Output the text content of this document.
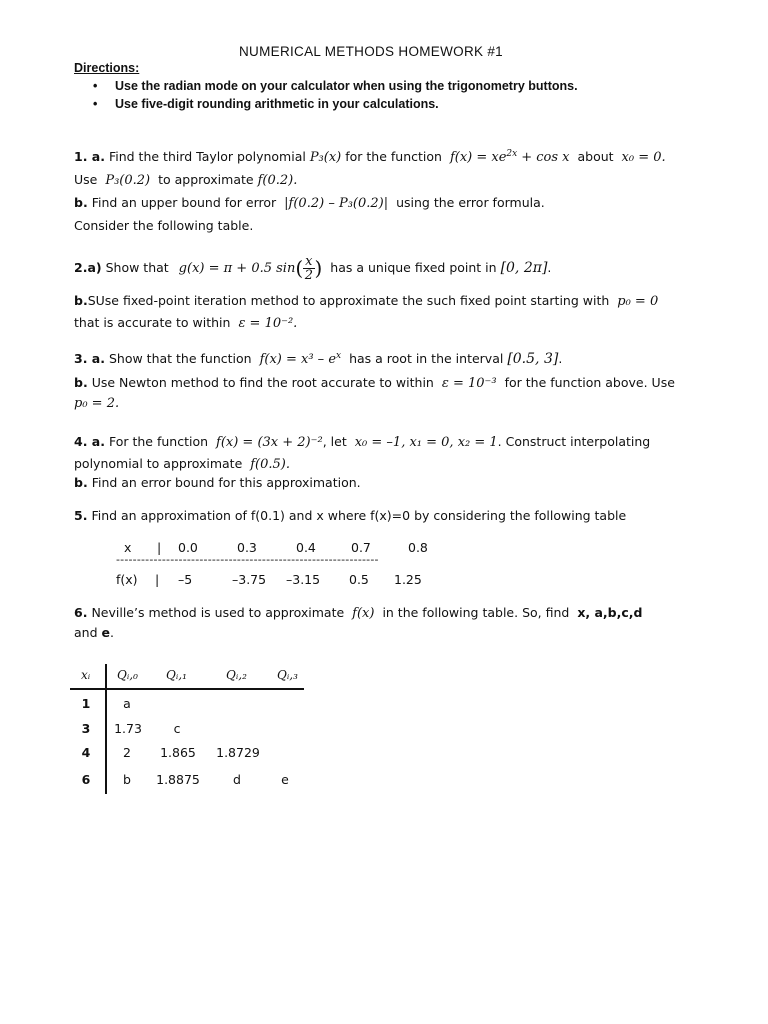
NUMERICAL METHODS HOMEWORK #1
Directions:
• Use the radian mode on your calculator when using the trigonometry buttons.
• Use five-digit rounding arithmetic in your calculations.
1. a. Find the third Taylor polynomial P₃(x) for the function $f(x) = xe^{2x} + \cos x$ about x₀ = 0.
Use P₃(0.2) to approximate f(0.2).
b. Find an upper bound for error |f(0.2) – P₃(0.2)| using the error formula.
Consider the following table.
2.a) Show that g(x) = π + 0.5 $\sin( \frac{x}{2}$ ) has a unique fixed point in [0, 2π].
b.SUse fixed-point iteration method to approximate the such fixed point starting with p₀ = 0
that is accurate to within ε = 10⁻².
3. a. Show that the function $f(x) = x^3 - e^x$ has a root in the interval [0.5, 3].
b. Use Newton method to find the root accurate to within ε = 10⁻³ for the function above. Use
p₀ = 2.
4. a. For the function f(x) = (3x + 2)⁻², let x₀ = –1, x₁ = 0, x₂ = 1. Construct interpolating
polynomial to approximate f(0.5).
b. Find an error bound for this approximation.
5. Find an approximation of f(0.1) and x where f(x)=0 by considering the following table
x | 0.0	0.3	0.4	0.7	0.8
---------------------------------------------------------------
f(x) | –5	–3.75 –3.15 0.5 1.25
6. Neville’s method is used to approximate f(x) in the following table. So, find x, a,b,c,d
and e.
xᵢ Qᵢ,₀ Qᵢ,₁	Qᵢ,₂	Qᵢ,₃
1	a
3	1.73	c
4	2	1.865	1.8729
6	b	1.8875	d	e
